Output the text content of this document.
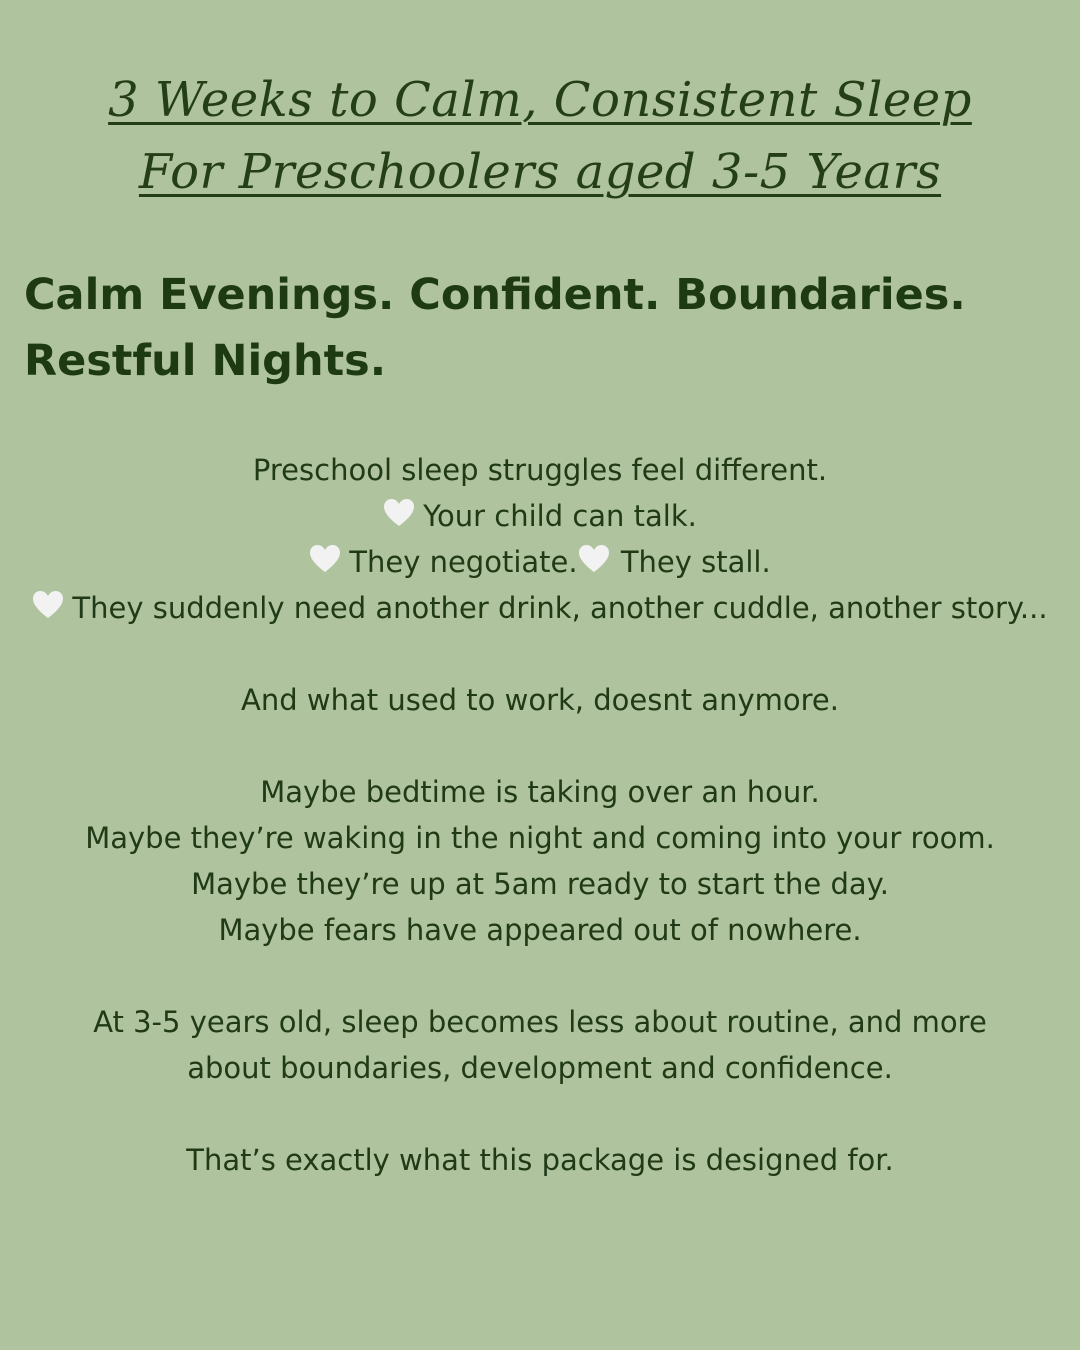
3 Weeks to Calm, Consistent Sleep
For Preschoolers aged 3-5 Years
Calm Evenings. Confident. Boundaries.
Restful Nights.
Preschool sleep struggles feel different.
Your child can talk.
They negotiate. They stall.
They suddenly need another drink, another cuddle, another story...
And what used to work, doesnt anymore.
Maybe bedtime is taking over an hour.
Maybe they’re waking in the night and coming into your room.
Maybe they’re up at 5am ready to start the day.
Maybe fears have appeared out of nowhere.
At 3-5 years old, sleep becomes less about routine, and more
about boundaries, development and confidence.
That’s exactly what this package is designed for.
